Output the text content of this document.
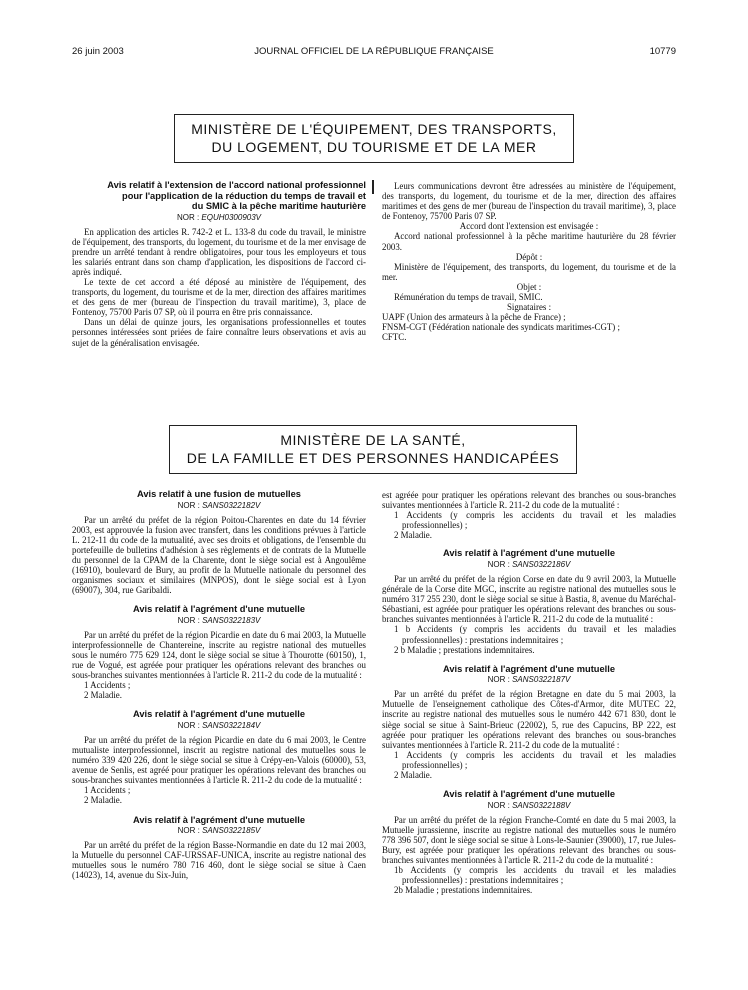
26 juin 2003	JOURNAL OFFICIEL DE LA RÉPUBLIQUE FRANÇAISE	10779
MINISTÈRE DE L'ÉQUIPEMENT, DES TRANSPORTS,
DU LOGEMENT, DU TOURISME ET DE LA MER
Avis relatif à l'extension de l'accord national professionnel
pour l'application de la réduction du temps de travail et
du SMIC à la pêche maritime hauturière
NOR : EQUH0300903V

En application des articles R. 742-2 et L. 133-8 du code du travail, le ministre de l'équipement, des transports, du logement, du tourisme et de la mer envisage de prendre un arrêté tendant à rendre obligatoires, pour tous les employeurs et tous les salariés entrant dans son champ d'application, les dispositions de l'accord ci-après indiqué.

Le texte de cet accord a été déposé au ministère de l'équipement, des transports, du logement, du tourisme et de la mer, direction des affaires maritimes et des gens de mer (bureau de l'inspection du travail maritime), 3, place de Fontenoy, 75700 Paris 07 SP, où il pourra en être pris connaissance.

Dans un délai de quinze jours, les organisations professionnelles et toutes personnes intéressées sont priées de faire connaître leurs observations et avis au sujet de la généralisation envisagée.

Leurs communications devront être adressées au ministère de l'équipement, des transports, du logement, du tourisme et de la mer, direction des affaires maritimes et des gens de mer (bureau de l'inspection du travail maritime), 3, place de Fontenoy, 75700 Paris 07 SP.

Accord dont l'extension est envisagée :

Accord national professionnel à la pêche maritime hauturière du 28 février 2003.

Dépôt :

Ministère de l'équipement, des transports, du logement, du tourisme et de la mer.

Objet :

Rémunération du temps de travail, SMIC.

Signataires :

UAPF (Union des armateurs à la pêche de France) ;

FNSM-CGT (Fédération nationale des syndicats maritimes-CGT) ;

CFTC.

MINISTÈRE DE LA SANTÉ,
DE LA FAMILLE ET DES PERSONNES HANDICAPÉES
Avis relatif à une fusion de mutuelles
NOR : SANS0322182V

Par un arrêté du préfet de la région Poitou-Charentes en date du 14 février 2003, est approuvée la fusion avec transfert, dans les conditions prévues à l'article L. 212-11 du code de la mutualité, avec ses droits et obligations, de l'ensemble du portefeuille de bulletins d'adhésion à ses règlements et de contrats de la Mutuelle du personnel de la CPAM de la Charente, dont le siège social est à Angoulême (16910), boulevard de Bury, au profit de la Mutuelle nationale du personnel des organismes sociaux et similaires (MNPOS), dont le siège social est à Lyon (69007), 304, rue Garibaldi.

Avis relatif à l'agrément d'une mutuelle
NOR : SANS0322183V

Par un arrêté du préfet de la région Picardie en date du 6 mai 2003, la Mutuelle interprofessionnelle de Chantereine, inscrite au registre national des mutuelles sous le numéro 775 629 124, dont le siège social se situe à Thourotte (60150), 1, rue de Vogué, est agréée pour pratiquer les opérations relevant des branches ou sous-branches suivantes mentionnées à l'article R. 211-2 du code de la mutualité :

1 Accidents ;

2 Maladie.

Avis relatif à l'agrément d'une mutuelle
NOR : SANS0322184V

Par un arrêté du préfet de la région Picardie en date du 6 mai 2003, le Centre mutualiste interprofessionnel, inscrit au registre national des mutuelles sous le numéro 339 420 226, dont le siège social se situe à Crépy-en-Valois (60000), 53, avenue de Senlis, est agréé pour pratiquer les opérations relevant des branches ou sous-branches suivantes mentionnées à l'article R. 211-2 du code de la mutualité :

1 Accidents ;

2 Maladie.

Avis relatif à l'agrément d'une mutuelle
NOR : SANS0322185V

Par un arrêté du préfet de la région Basse-Normandie en date du 12 mai 2003, la Mutuelle du personnel CAF-URSSAF-UNICA, inscrite au registre national des mutuelles sous le numéro 780 716 460, dont le siège social se situe à Caen (14023), 14, avenue du Six-Juin,

est agréée pour pratiquer les opérations relevant des branches ou sous-branches suivantes mentionnées à l'article R. 211-2 du code de la mutualité :

1 Accidents (y compris les accidents du travail et les maladies professionnelles) ;

2 Maladie.

Avis relatif à l'agrément d'une mutuelle
NOR : SANS0322186V

Par un arrêté du préfet de la région Corse en date du 9 avril 2003, la Mutuelle générale de la Corse dite MGC, inscrite au registre national des mutuelles sous le numéro 317 255 230, dont le siège social se situe à Bastia, 8, avenue du Maréchal-Sébastiani, est agréée pour pratiquer les opérations relevant des branches ou sous-branches suivantes mentionnées à l'article R. 211-2 du code de la mutualité :

1 b Accidents (y compris les accidents du travail et les maladies professionnelles) : prestations indemnitaires ;

2 b Maladie ; prestations indemnitaires.

Avis relatif à l'agrément d'une mutuelle
NOR : SANS0322187V

Par un arrêté du préfet de la région Bretagne en date du 5 mai 2003, la Mutuelle de l'enseignement catholique des Côtes-d'Armor, dite MUTEC 22, inscrite au registre national des mutuelles sous le numéro 442 671 830, dont le siège social se situe à Saint-Brieuc (22002), 5, rue des Capucins, BP 222, est agréée pour pratiquer les opérations relevant des branches ou sous-branches suivantes mentionnées à l'article R. 211-2 du code de la mutualité :

1 Accidents (y compris les accidents du travail et les maladies professionnelles) ;

2 Maladie.

Avis relatif à l'agrément d'une mutuelle
NOR : SANS0322188V

Par un arrêté du préfet de la région Franche-Comté en date du 5 mai 2003, la Mutuelle jurassienne, inscrite au registre national des mutuelles sous le numéro 778 396 507, dont le siège social se situe à Lons-le-Saunier (39000), 17, rue Jules-Bury, est agréée pour pratiquer les opérations relevant des branches ou sous-branches suivantes mentionnées à l'article R. 211-2 du code de la mutualité :

1b Accidents (y compris les accidents du travail et les maladies professionnelles) : prestations indemnitaires ;

2b Maladie ; prestations indemnitaires.
